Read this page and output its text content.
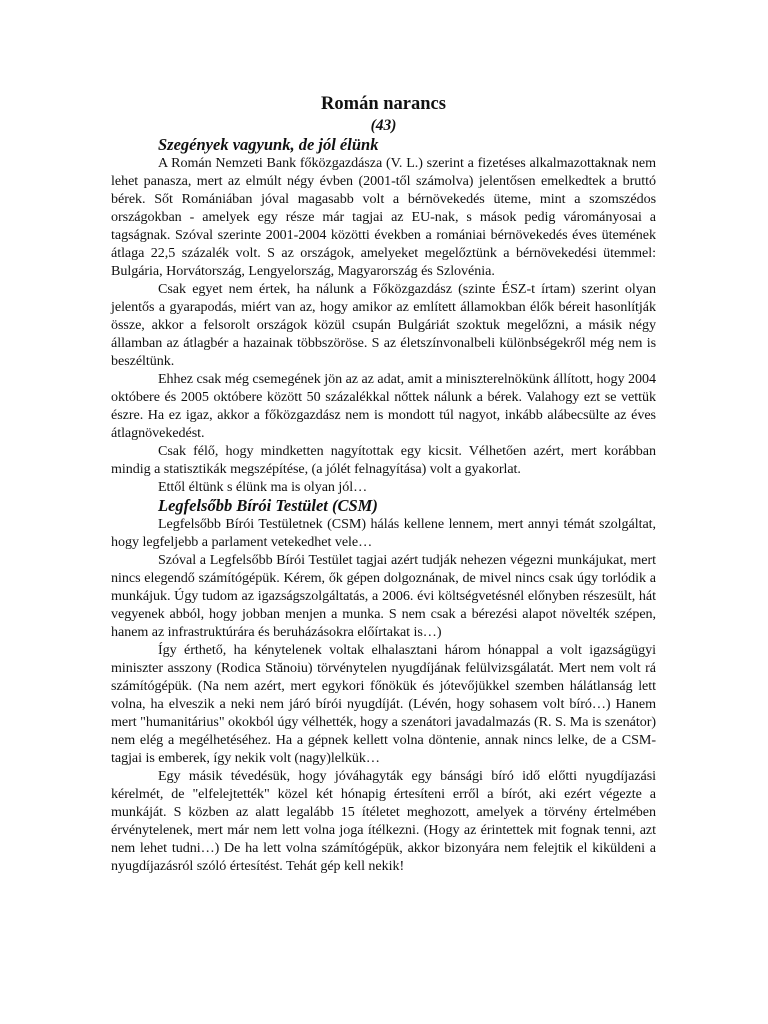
Román narancs
(43)
Szegények vagyunk, de jól élünk

A Román Nemzeti Bank főközgazdásza (V. L.) szerint a fizetéses alkalmazottaknak nem lehet panasza, mert az elmúlt négy évben (2001-től számolva) jelentősen emelkedtek a bruttó bérek. Sőt Romániában jóval magasabb volt a bérnövekedés üteme, mint a szomszédos országokban - amelyek egy része már tagjai az EU-nak, s mások pedig várományosai a tagságnak. Szóval szerinte 2001-2004 közötti években a romániai bérnövekedés éves ütemének átlaga 22,5 százalék volt. S az országok, amelyeket megelőztünk a bérnövekedési ütemmel: Bulgária, Horvátország, Lengyelország, Magyarország és Szlovénia.

Csak egyet nem értek, ha nálunk a Főközgazdász (szinte ÉSZ-t írtam) szerint olyan jelentős a gyarapodás, miért van az, hogy amikor az említett államokban élők béreit hasonlítják össze, akkor a felsorolt országok közül csupán Bulgáriát szoktuk megelőzni, a másik négy államban az átlagbér a hazainak többszöröse. S az életszínvonalbeli különbségekről még nem is beszéltünk.

Ehhez csak még csemegének jön az az adat, amit a miniszterelnökünk állított, hogy 2004 októbere és 2005 októbere között 50 százalékkal nőttek nálunk a bérek. Valahogy ezt se vettük észre. Ha ez igaz, akkor a főközgazdász nem is mondott túl nagyot, inkább alábecsülte az éves átlagnövekedést.

Csak félő, hogy mindketten nagyítottak egy kicsit. Vélhetően azért, mert korábban mindig a statisztikák megszépítése, (a jólét felnagyítása) volt a gyakorlat.

Ettől éltünk s élünk ma is olyan jól…

Legfelsőbb Bírói Testület (CSM)

Legfelsőbb Bírói Testületnek (CSM) hálás kellene lennem, mert annyi témát szolgáltat, hogy legfeljebb a parlament vetekedhet vele…

Szóval a Legfelsőbb Bírói Testület tagjai azért tudják nehezen végezni munkájukat, mert nincs elegendő számítógépük. Kérem, ők gépen dolgoznának, de mivel nincs csak úgy torlódik a munkájuk. Úgy tudom az igazságszolgáltatás, a 2006. évi költségvetésnél előnyben részesült, hát vegyenek abból, hogy jobban menjen a munka. S nem csak a bérezési alapot növelték szépen, hanem az infrastruktúrára és beruházásokra előírtakat is…)

Így érthető, ha kénytelenek voltak elhalasztani három hónappal a volt igazságügyi miniszter asszony (Rodica Stănoiu) törvénytelen nyugdíjának felülvizsgálatát. Mert nem volt rá számítógépük. (Na nem azért, mert egykori főnökük és jótevőjükkel szemben hálátlanság lett volna, ha elveszik a neki nem járó bírói nyugdíját. (Lévén, hogy sohasem volt bíró…) Hanem mert "humanitárius" okokból úgy vélhették, hogy a szenátori javadalmazás (R. S. Ma is szenátor) nem elég a megélhetéséhez. Ha a gépnek kellett volna döntenie, annak nincs lelke, de a CSM- tagjai is emberek, így nekik volt (nagy)lelkük…

Egy másik tévedésük, hogy jóváhagyták egy bánsági bíró idő előtti nyugdíjazási kérelmét, de "elfelejtették" közel két hónapig értesíteni erről a bírót, aki ezért végezte a munkáját. S közben az alatt legalább 15 ítéletet meghozott, amelyek a törvény értelmében érvénytelenek, mert már nem lett volna joga ítélkezni. (Hogy az érintettek mit fognak tenni, azt nem lehet tudni…) De ha lett volna számítógépük, akkor bizonyára nem felejtik el kiküldeni a nyugdíjazásról szóló értesítést. Tehát gép kell nekik!
